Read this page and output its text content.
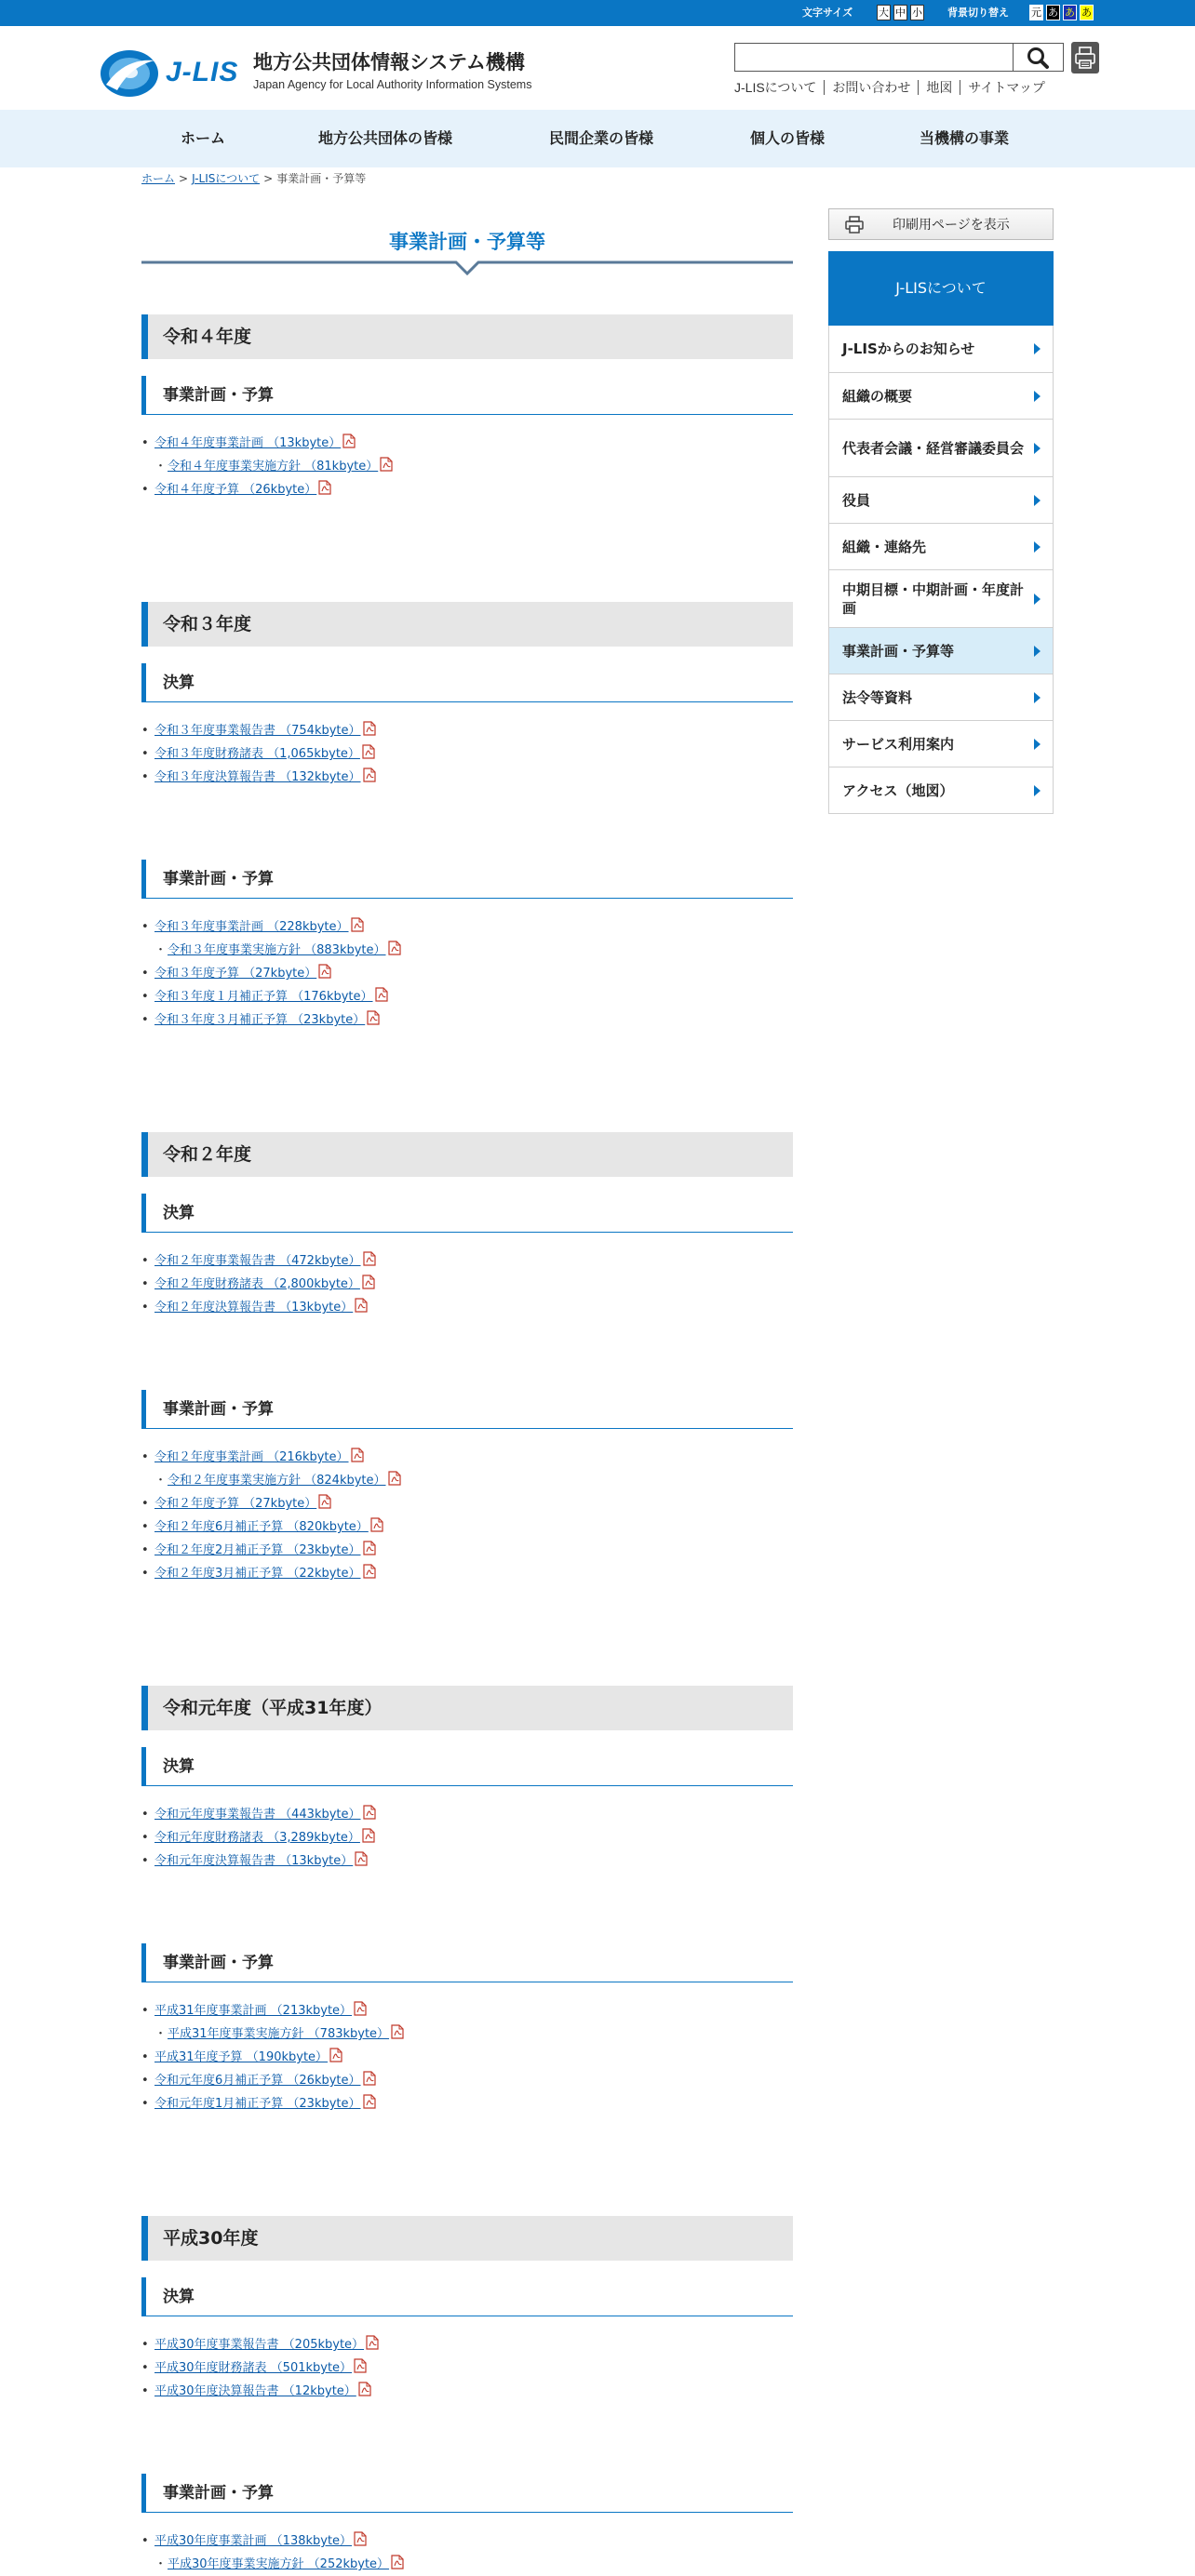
文字サイズ	大 中 小 背景切り替え 元 あ あ あ
J-LIS 地方公共団体情報システム機構
Japan Agency for Local Authority Information Systems	J-LISについて お問い合わせ 地図 サイトマップ
ホーム	地方公共団体の皆様	民間企業の皆様	個人の皆様	当機構の事業
ホーム > J-LISについて > 事業計画・予算等
事業計画・予算等
令和４年度
事業計画・予算
• 令和４年度事業計画 （13kbyte）
・令和４年度事業実施方針 （81kbyte）
• 令和４年度予算 （26kbyte）
令和３年度
決算
• 令和３年度事業報告書 （754kbyte）
• 令和３年度財務諸表 （1,065kbyte）
• 令和３年度決算報告書 （132kbyte）
事業計画・予算
• 令和３年度事業計画 （228kbyte）
・令和３年度事業実施方針 （883kbyte）
• 令和３年度予算 （27kbyte）
• 令和３年度１月補正予算 （176kbyte）
• 令和３年度３月補正予算 （23kbyte）
令和２年度
決算
• 令和２年度事業報告書 （472kbyte）
• 令和２年度財務諸表 （2,800kbyte）
• 令和２年度決算報告書 （13kbyte）
事業計画・予算
• 令和２年度事業計画 （216kbyte）
・令和２年度事業実施方針 （824kbyte）
• 令和２年度予算 （27kbyte）
• 令和２年度6月補正予算 （820kbyte）
• 令和２年度2月補正予算 （23kbyte）
• 令和２年度3月補正予算 （22kbyte）
令和元年度（平成31年度）
決算
• 令和元年度事業報告書 （443kbyte）
• 令和元年度財務諸表 （3,289kbyte）
• 令和元年度決算報告書 （13kbyte）
事業計画・予算
• 平成31年度事業計画 （213kbyte）
・平成31年度事業実施方針 （783kbyte）
• 平成31年度予算 （190kbyte）
• 令和元年度6月補正予算 （26kbyte）
• 令和元年度1月補正予算 （23kbyte）
平成30年度
決算
• 平成30年度事業報告書 （205kbyte）
• 平成30年度財務諸表 （501kbyte）
• 平成30年度決算報告書 （12kbyte）
事業計画・予算
• 平成30年度事業計画 （138kbyte）
・平成30年度事業実施方針 （252kbyte）
印刷用ページを表示
J-LISについて
J-LISからのお知らせ
組織の概要
代表者会議・経営審議委員会
役員
組織・連絡先
中期目標・中期計画・年度計画
事業計画・予算等
法令等資料
サービス利用案内
アクセス（地図）
